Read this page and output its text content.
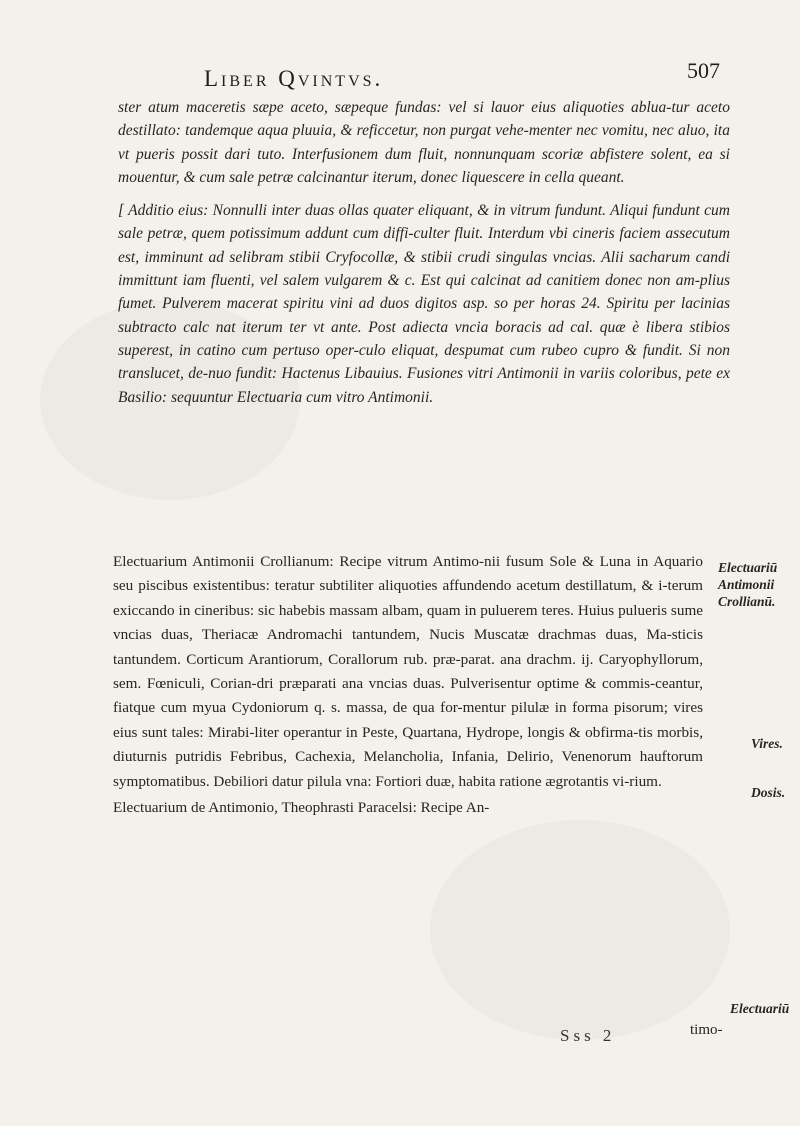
Liber Qvintvs.	507

ster atum maceretis sæpe aceto, sæpeque fundas: vel si lauor eius aliquoties ablua-tur aceto destillato: tandemque aqua pluuia, & reficcetur, non purgat vehe-menter nec vomitu, nec aluo, ita vt pueris possit dari tuto. Interfusionem dum fluit, nonnunquam scoriæ abfistere solent, ea si mouentur, & cum sale petræ calcinantur iterum, donec liquescere in cella queant.

[ Additio eius: Nonnulli inter duas ollas quater eliquant, & in vitrum fundunt. Aliqui fundunt cum sale petræ, quem potissimum addunt cum diffi-culter fluit. Interdum vbi cineris faciem assecutum est, imminunt ad selibram stibii Cryfocollæ, & stibii crudi singulas vncias. Alii sacharum candi immittunt iam fluenti, vel salem vulgarem & c. Est qui calcinat ad canitiem donec non am-plius fumet. Pulverem macerat spiritu vini ad duos digitos asp. so per horas 24. Spiritu per lacinias subtracto calc nat iterum ter vt ante. Post adiecta vncia boracis ad cal. quæ è libera stibios superest, in catino cum pertuso oper-culo eliquat, despumat cum rubeo cupro & fundit. Si non translucet, de-nuo fundit: Hactenus Libauius. Fusiones vitri Antimonii in variis coloribus, pete ex Basilio: sequuntur Electuaria cum vitro Antimonii.

Electuarium Antimonii Crollianum: Recipe vitrum Antimo-nii fusum Sole & Luna in Aquario seu piscibus existentibus: teratur subtiliter aliquoties affundendo acetum destillatum, & i-terum exiccando in cineribus: sic habebis massam albam, quam in puluerem teres. Huius pulueris sume vncias duas, Theriacæ Andromachi tantundem, Nucis Muscatæ drachmas duas, Ma-sticis tantundem. Corticum Arantiorum, Corallorum rub. præ-parat. ana drachm. ij. Caryophyllorum, sem. Fœniculi, Corian-dri præparati ana vncias duas. Pulverisentur optime & commis-ceantur, fiatque cum myua Cydoniorum q. s. massa, de qua for-mentur pilulæ in forma pisorum; vires eius sunt tales: Mirabi-liter operantur in Peste, Quartana, Hydrope, longis & obfirma-tis morbis, diuturnis putridis Febribus, Cachexia, Melancholia, Infania, Delirio, Venenorum hauftorum symptomatibus. Debiliori datur pilula vna: Fortiori duæ, habita ratione ægrotantis vi-rium.

Electuarium de Antimonio, Theophrasti Paracelsi: Recipe An-

Electuariū Antimonii Crollianū.
Vires.
Dosis.
Electuariū
Sss 2	timo-
